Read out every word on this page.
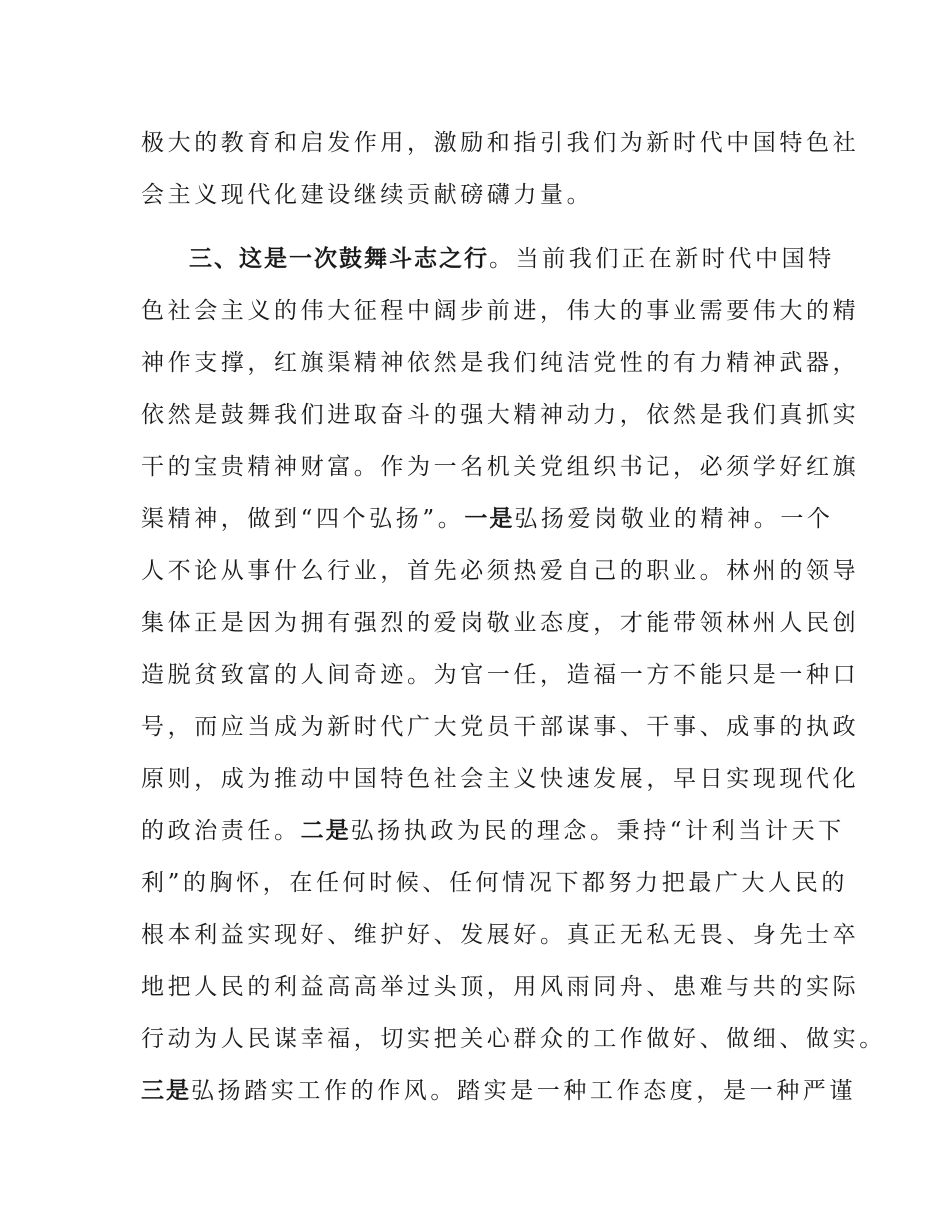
极大的教育和启发作用，激励和指引我们为新时代中国特色社
会主义现代化建设继续贡献磅礴力量。
三、这是一次鼓舞斗志之行。当前我们正在新时代中国特
色社会主义的伟大征程中阔步前进，伟大的事业需要伟大的精
神作支撑，红旗渠精神依然是我们纯洁党性的有力精神武器，
依然是鼓舞我们进取奋斗的强大精神动力，依然是我们真抓实
干的宝贵精神财富。作为一名机关党组织书记，必须学好红旗
渠精神，做到“四个弘扬”。一是弘扬爱岗敬业的精神。一个
人不论从事什么行业，首先必须热爱自己的职业。林州的领导
集体正是因为拥有强烈的爱岗敬业态度，才能带领林州人民创
造脱贫致富的人间奇迹。为官一任，造福一方不能只是一种口
号，而应当成为新时代广大党员干部谋事、干事、成事的执政
原则，成为推动中国特色社会主义快速发展，早日实现现代化
的政治责任。二是弘扬执政为民的理念。秉持“计利当计天下
利”的胸怀，在任何时候、任何情况下都努力把最广大人民的
根本利益实现好、维护好、发展好。真正无私无畏、身先士卒
地把人民的利益高高举过头顶，用风雨同舟、患难与共的实际
行动为人民谋幸福，切实把关心群众的工作做好、做细、做实。
三是弘扬踏实工作的作风。踏实是一种工作态度，是一种严谨
